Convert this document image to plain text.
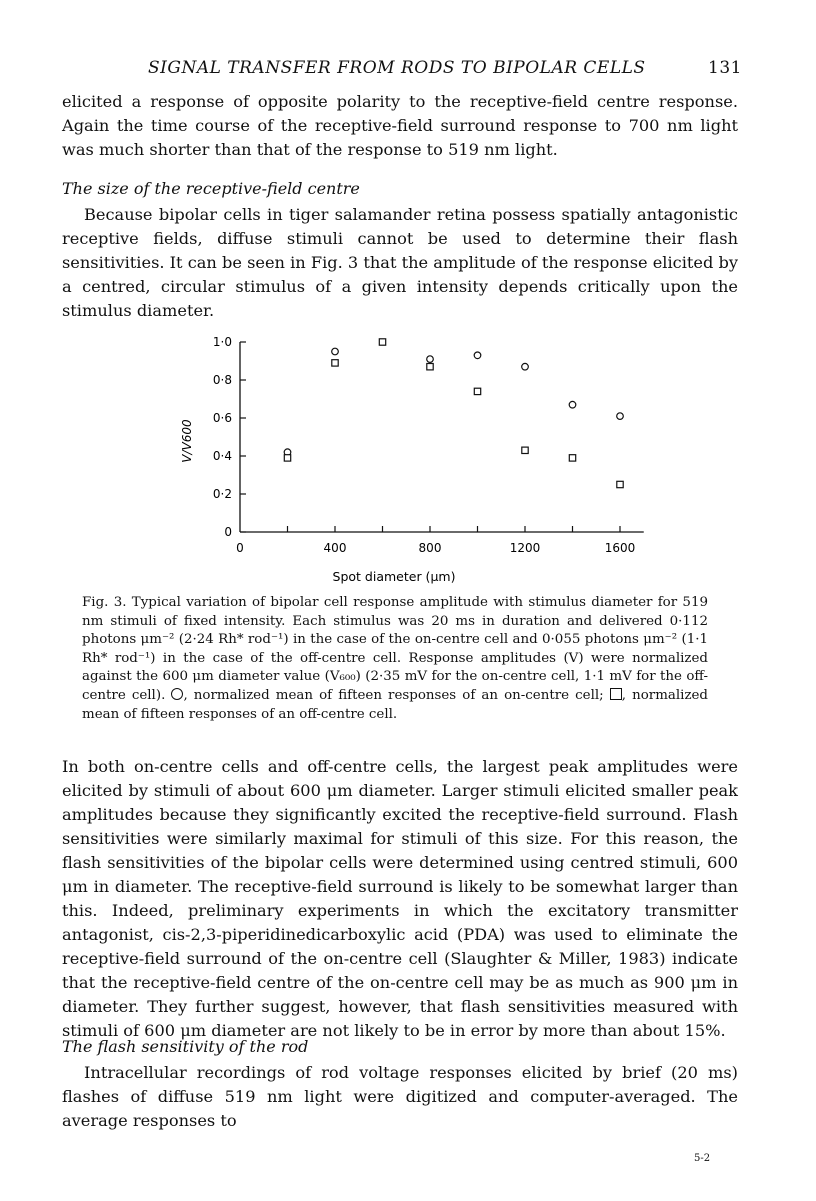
SIGNAL TRANSFER FROM RODS TO BIPOLAR CELLS	131
elicited a response of opposite polarity to the receptive-field centre response. Again the time course of the receptive-field surround response to 700 nm light was much shorter than that of the response to 519 nm light.
The size of the receptive-field centre
Because bipolar cells in tiger salamander retina possess spatially antagonistic receptive fields, diffuse stimuli cannot be used to determine their flash sensitivities. It can be seen in Fig. 3 that the amplitude of the response elicited by a centred, circular stimulus of a given intensity depends critically upon the stimulus diameter.
0
0·2
0·4
0·6
0·8
1·0
0	400	800	1200	1600
V/V600
Spot diameter (μm)
Fig. 3. Typical variation of bipolar cell response amplitude with stimulus diameter for 519 nm stimuli of fixed intensity. Each stimulus was 20 ms in duration and delivered 0·112 photons μm⁻² (2·24 Rh* rod⁻¹) in the case of the on-centre cell and 0·055 photons μm⁻² (1·1 Rh* rod⁻¹) in the case of the off-centre cell. Response amplitudes (V) were normalized against the 600 μm diameter value (V₆₀₀) (2·35 mV for the on-centre cell, 1·1 mV for the off-centre cell). , normalized mean of fifteen responses of an on-centre cell; , normalized mean of fifteen responses of an off-centre cell.
In both on-centre cells and off-centre cells, the largest peak amplitudes were elicited by stimuli of about 600 μm diameter. Larger stimuli elicited smaller peak amplitudes because they significantly excited the receptive-field surround. Flash sensitivities were similarly maximal for stimuli of this size. For this reason, the flash sensitivities of the bipolar cells were determined using centred stimuli, 600 μm in diameter. The receptive-field surround is likely to be somewhat larger than this. Indeed, preliminary experiments in which the excitatory transmitter antagonist, cis-2,3-piperidinedicarboxylic acid (PDA) was used to eliminate the receptive-field surround of the on-centre cell (Slaughter & Miller, 1983) indicate that the receptive-field centre of the on-centre cell may be as much as 900 μm in diameter. They further suggest, however, that flash sensitivities measured with stimuli of 600 μm diameter are not likely to be in error by more than about 15%.
The flash sensitivity of the rod
Intracellular recordings of rod voltage responses elicited by brief (20 ms) flashes of diffuse 519 nm light were digitized and computer-averaged. The average responses to
5-2
